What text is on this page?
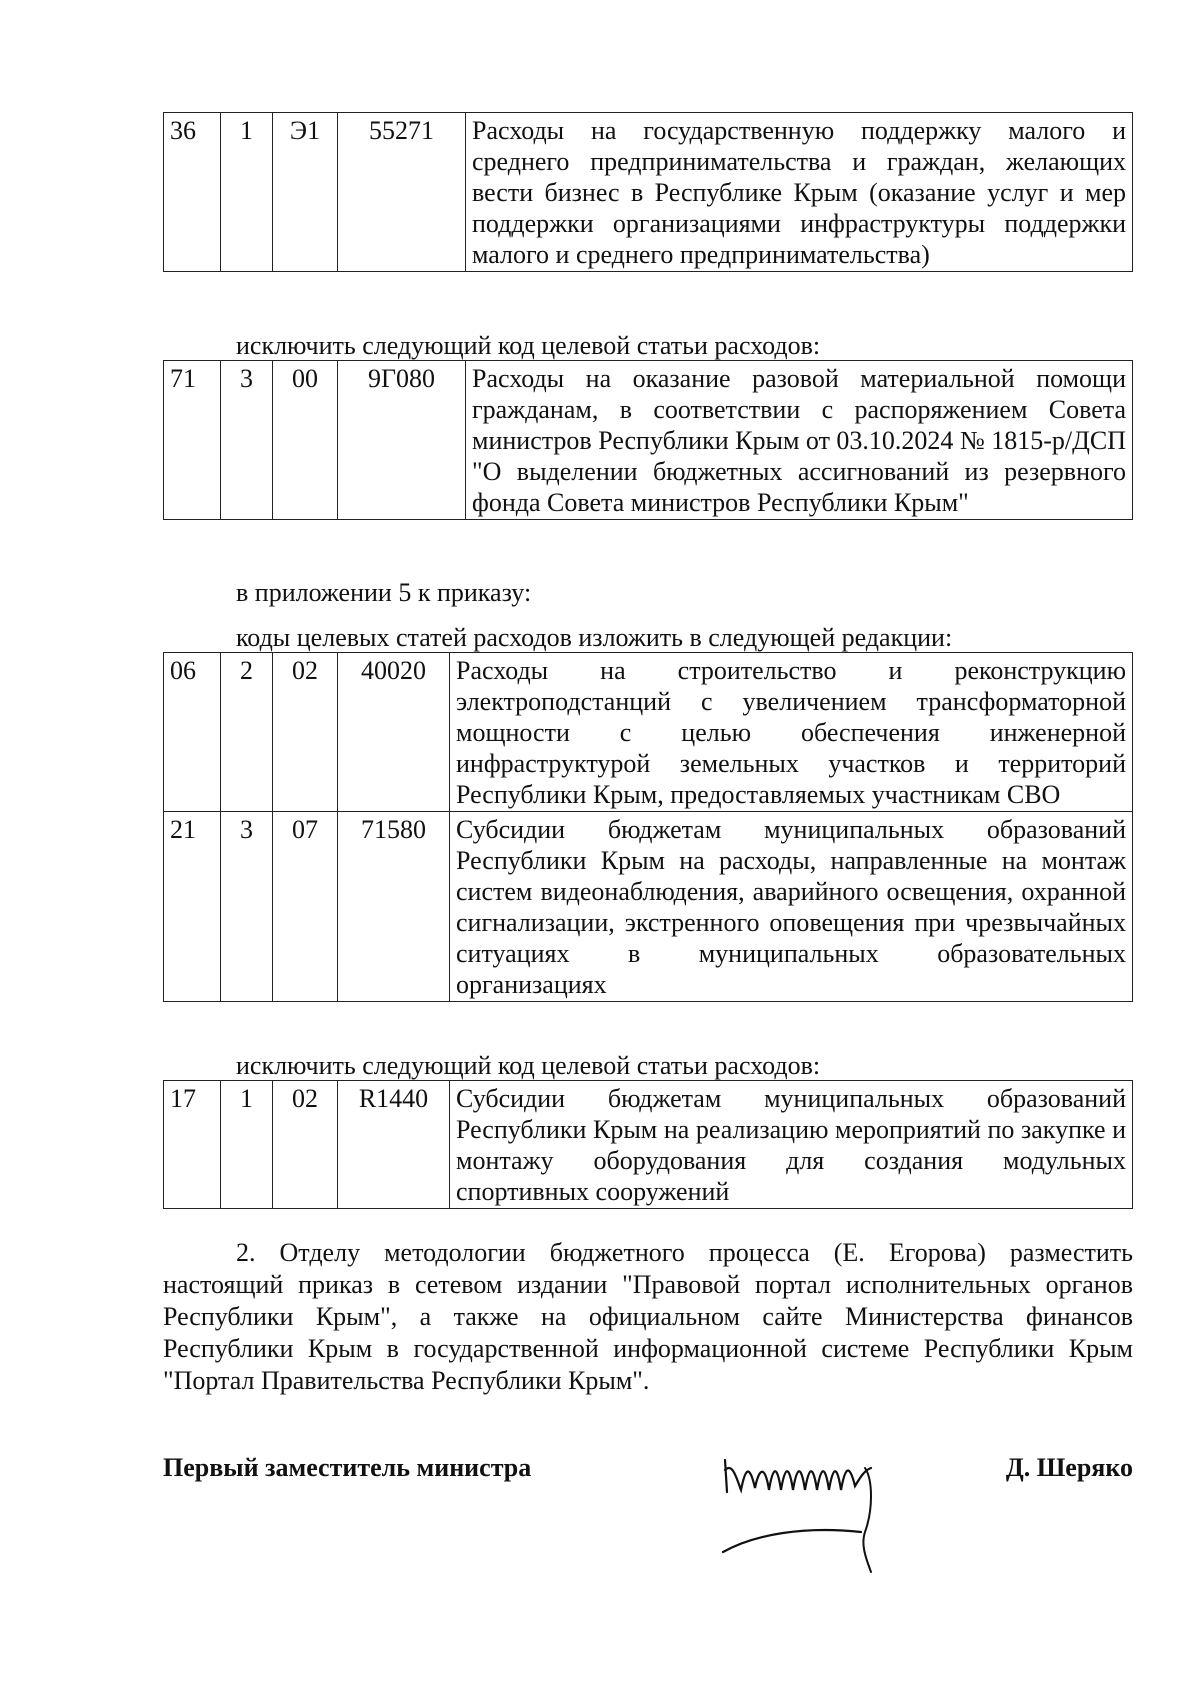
36	1	Э1	55271	Расходы на государственную поддержку малого и среднего предпринимательства и граждан, желающих вести бизнес в Республике Крым (оказание услуг и мер поддержки организациями инфраструктуры поддержки малого и среднего предпринимательства)
исключить следующий код целевой статьи расходов:
71	3	00	9Г080	Расходы на оказание разовой материальной помощи гражданам, в соответствии с распоряжением Совета министров Республики Крым от 03.10.2024 № 1815-р/ДСП "О выделении бюджетных ассигнований из резервного фонда Совета министров Республики Крым"
в приложении 5 к приказу:
коды целевых статей расходов изложить в следующей редакции:
06	2	02	40020	Расходы на строительство и реконструкцию электроподстанций с увеличением трансформаторной мощности с целью обеспечения инженерной инфраструктурой земельных участков и территорий Республики Крым, предоставляемых участникам СВО
21	3	07	71580	Субсидии бюджетам муниципальных образований Республики Крым на расходы, направленные на монтаж систем видеонаблюдения, аварийного освещения, охранной сигнализации, экстренного оповещения при чрезвычайных ситуациях в муниципальных образовательных организациях
исключить следующий код целевой статьи расходов:
17	1	02	R1440	Субсидии бюджетам муниципальных образований Республики Крым на реализацию мероприятий по закупке и монтажу оборудования для создания модульных спортивных сооружений
2. Отделу методологии бюджетного процесса (Е. Егорова) разместить настоящий приказ в сетевом издании "Правовой портал исполнительных органов Республики Крым", а также на официальном сайте Министерства финансов Республики Крым в государственной информационной системе Республики Крым "Портал Правительства Республики Крым".
Первый заместитель министра	Д. Шеряко
